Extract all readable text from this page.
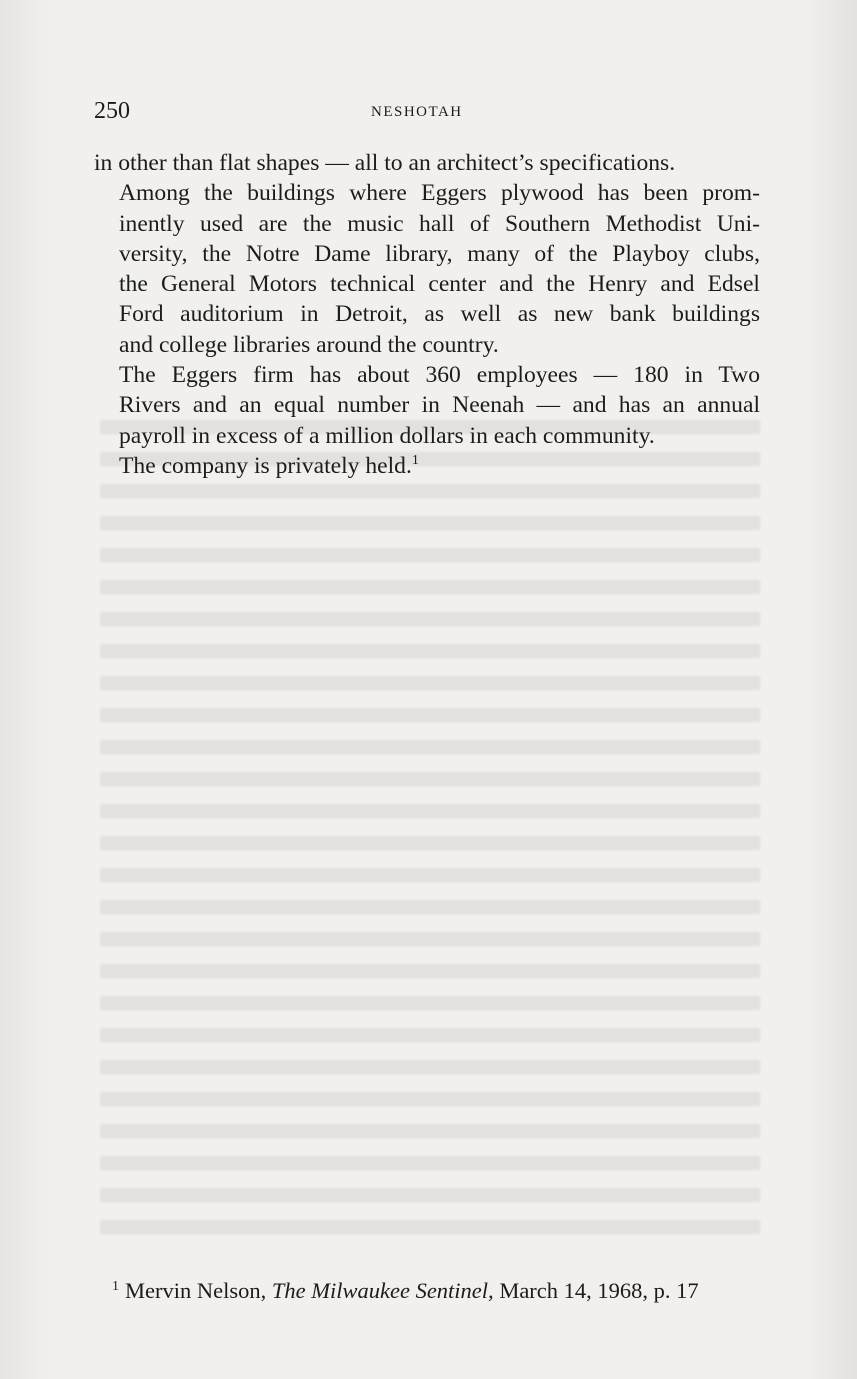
250	NESHOTAH

in other than flat shapes — all to an architect’s specifications.

Among the buildings where Eggers plywood has been prom-
inently used are the music hall of Southern Methodist Uni-
versity, the Notre Dame library, many of the Playboy clubs,
the General Motors technical center and the Henry and Edsel
Ford auditorium in Detroit, as well as new bank buildings
and college libraries around the country.

The Eggers firm has about 360 employees — 180 in Two
Rivers and an equal number in Neenah — and has an annual
payroll in excess of a million dollars in each community.

The company is privately held.$^1$

$^1$ Mervin Nelson, The Milwaukee Sentinel, March 14, 1968, p. 17
